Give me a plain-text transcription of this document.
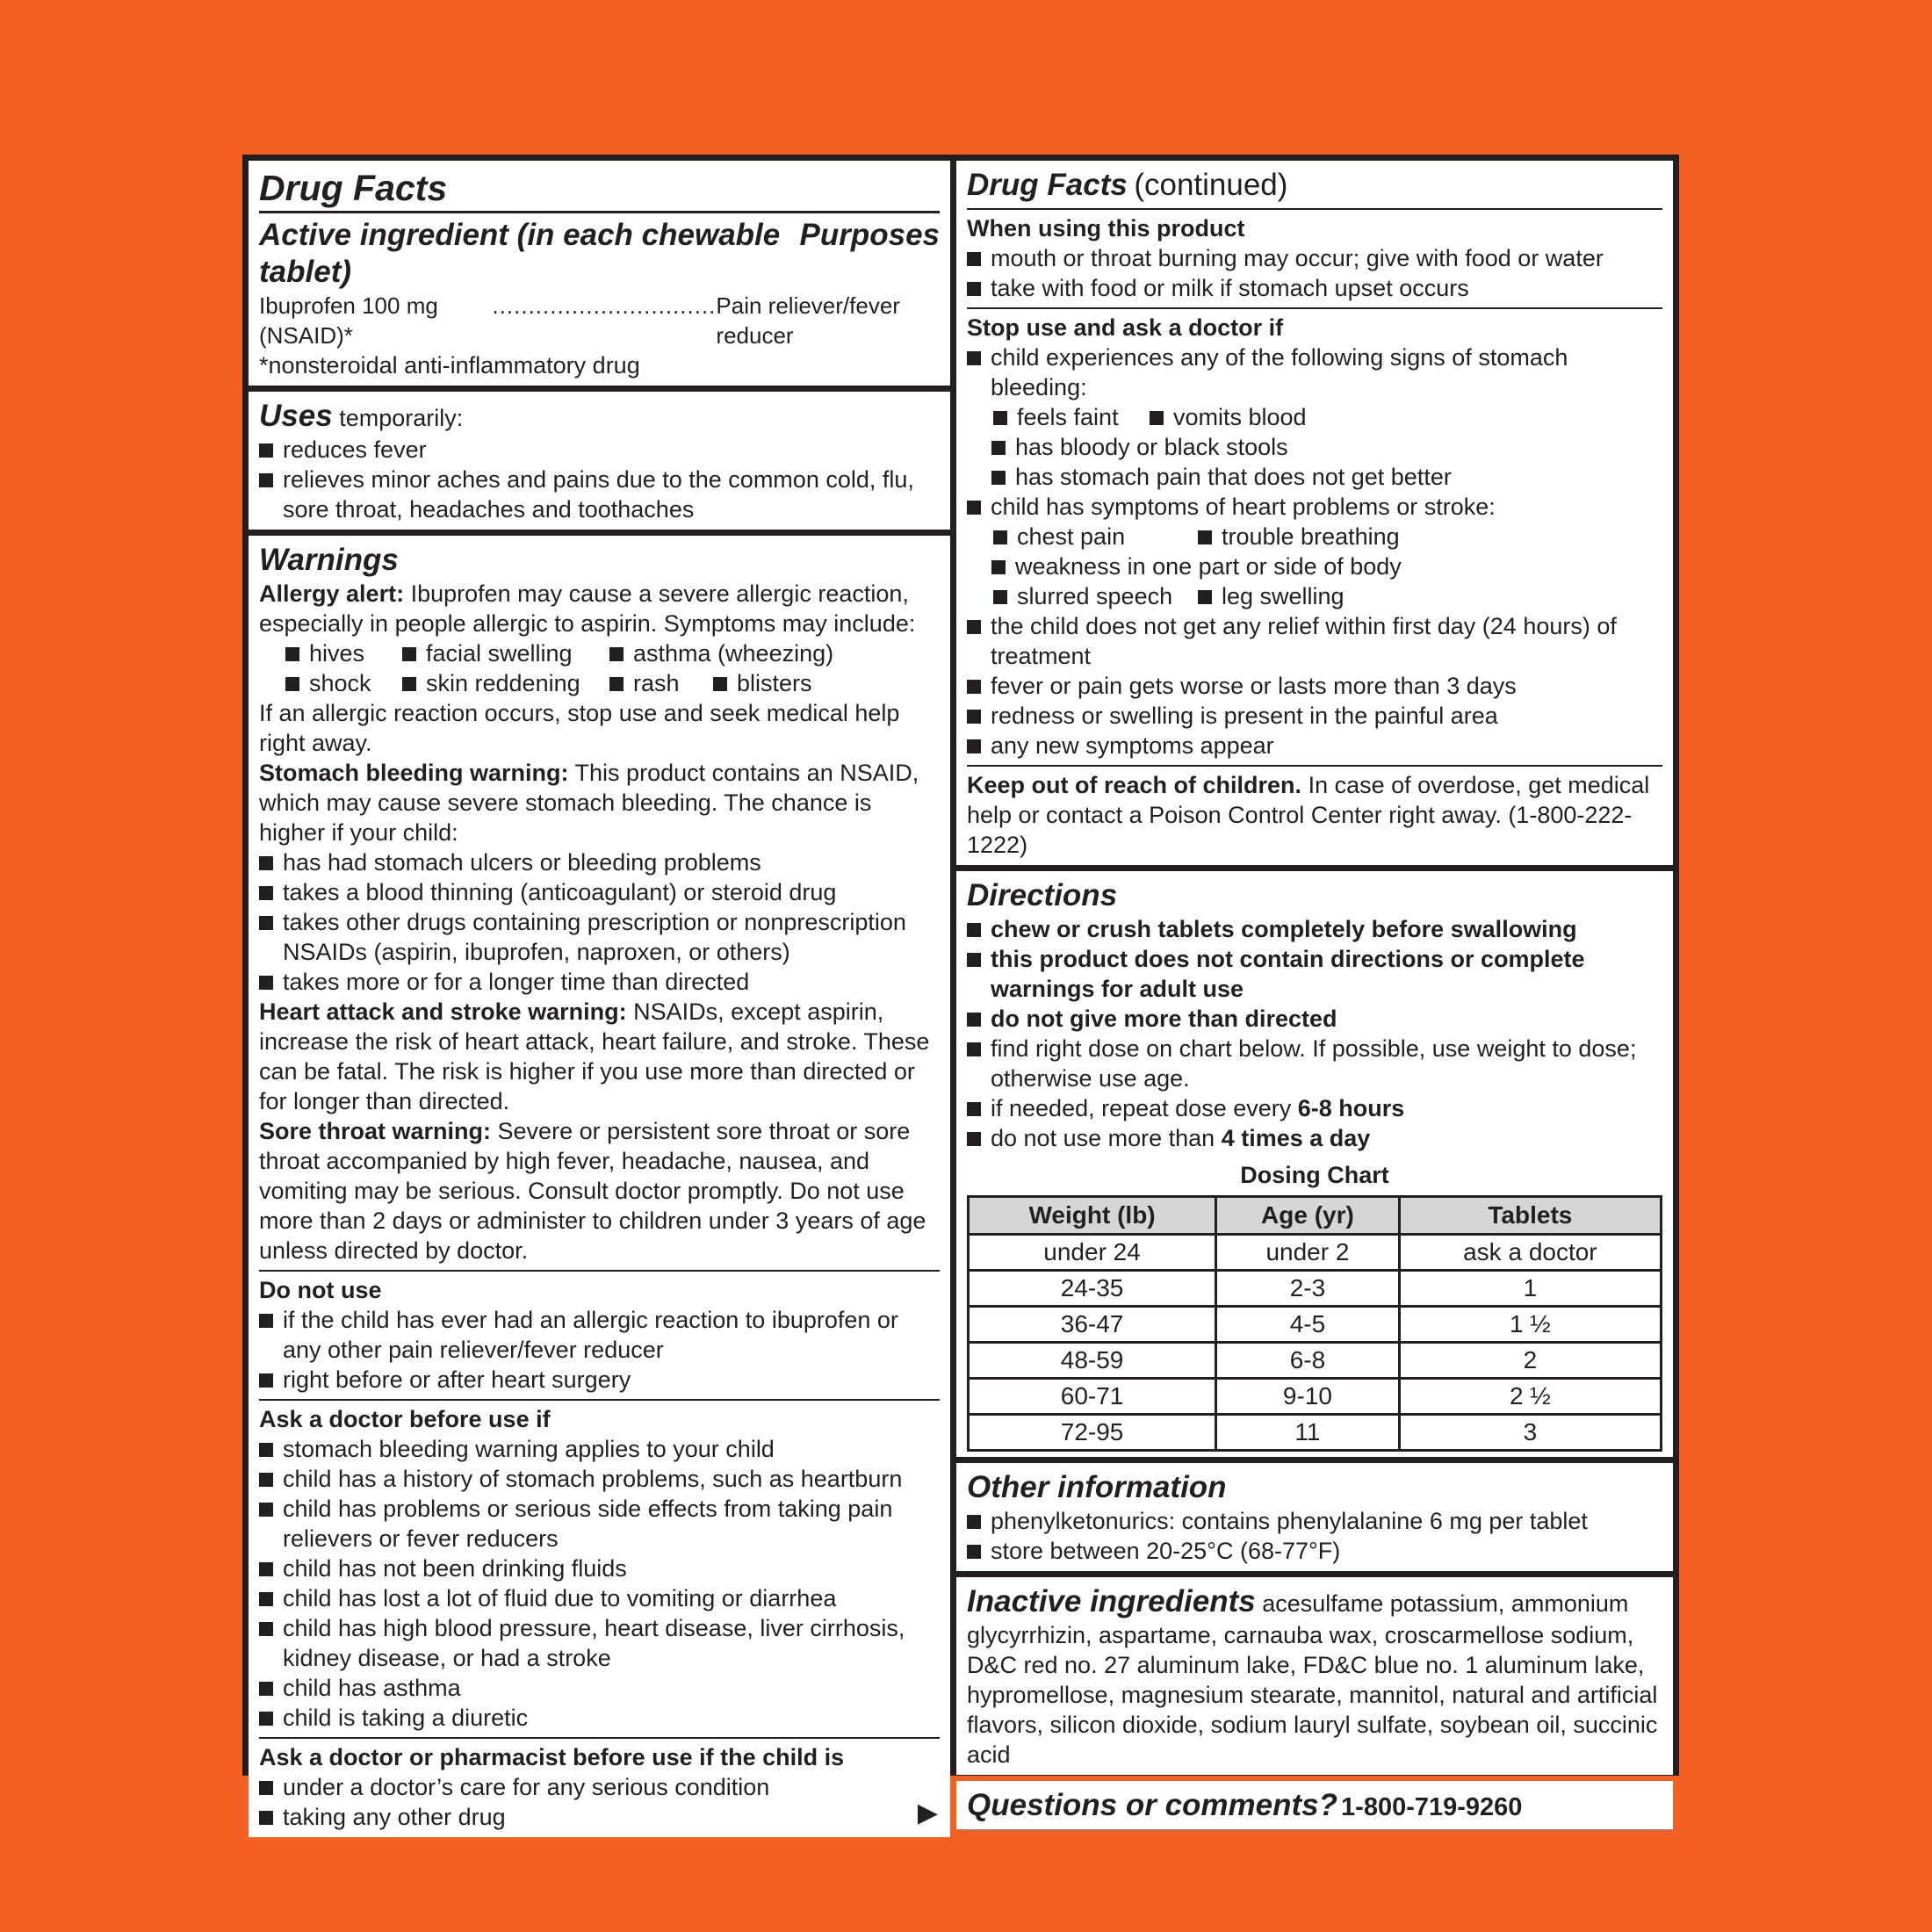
Drug Facts
Active ingredient (in each chewable tablet)
Purposes
Ibuprofen 100 mg (NSAID)*
............................... Pain reliever/fever reducer
*nonsteroidal anti-inflammatory drug
Uses temporarily:
reduces fever
relieves minor aches and pains due to the common cold, flu, sore throat, headaches and toothaches
Warnings
Allergy alert: Ibuprofen may cause a severe allergic reaction, especially in people allergic to aspirin. Symptoms may include:
hives	facial swelling	asthma (wheezing)
shock	skin reddening	rash	blisters
If an allergic reaction occurs, stop use and seek medical help right away.
Stomach bleeding warning: This product contains an NSAID, which may cause severe stomach bleeding. The chance is higher if your child:
has had stomach ulcers or bleeding problems
takes a blood thinning (anticoagulant) or steroid drug
takes other drugs containing prescription or nonprescription NSAIDs (aspirin, ibuprofen, naproxen, or others)
takes more or for a longer time than directed
Heart attack and stroke warning: NSAIDs, except aspirin, increase the risk of heart attack, heart failure, and stroke. These can be fatal. The risk is higher if you use more than directed or for longer than directed.
Sore throat warning: Severe or persistent sore throat or sore throat accompanied by high fever, headache, nausea, and vomiting may be serious. Consult doctor promptly. Do not use more than 2 days or administer to children under 3 years of age unless directed by doctor.
Do not use
if the child has ever had an allergic reaction to ibuprofen or any other pain reliever/fever reducer
right before or after heart surgery
Ask a doctor before use if
stomach bleeding warning applies to your child
child has a history of stomach problems, such as heartburn
child has problems or serious side effects from taking pain relievers or fever reducers
child has not been drinking fluids
child has lost a lot of fluid due to vomiting or diarrhea
child has high blood pressure, heart disease, liver cirrhosis, kidney disease, or had a stroke
child has asthma
child is taking a diuretic
Ask a doctor or pharmacist before use if the child is
under a doctor’s care for any serious condition
taking any other drug	▶
Drug Facts (continued)
When using this product
mouth or throat burning may occur; give with food or water
take with food or milk if stomach upset occurs
Stop use and ask a doctor if
child experiences any of the following signs of stomach bleeding:
feels faint	vomits blood
has bloody or black stools
has stomach pain that does not get better
child has symptoms of heart problems or stroke:
chest pain	trouble breathing
weakness in one part or side of body
slurred speech	leg swelling
the child does not get any relief within first day (24 hours) of treatment
fever or pain gets worse or lasts more than 3 days
redness or swelling is present in the painful area
any new symptoms appear
Keep out of reach of children. In case of overdose, get medical help or contact a Poison Control Center right away. (1-800-222-1222)
Directions
chew or crush tablets completely before swallowing
this product does not contain directions or complete warnings for adult use
do not give more than directed
find right dose on chart below. If possible, use weight to dose; otherwise use age.
if needed, repeat dose every 6-8 hours
do not use more than 4 times a day
Dosing Chart
Weight (lb)	Age (yr)	Tablets
under 24	under 2	ask a doctor
24-35	2-3	1
36-47	4-5	1 ½
48-59	6-8	2
60-71	9-10	2 ½
72-95	11	3
Other information
phenylketonurics: contains phenylalanine 6 mg per tablet
store between 20-25°C (68-77°F)
Inactive ingredients acesulfame potassium, ammonium glycyrrhizin, aspartame, carnauba wax, croscarmellose sodium, D&C red no. 27 aluminum lake, FD&C blue no. 1 aluminum lake, hypromellose, magnesium stearate, mannitol, natural and artificial flavors, silicon dioxide, sodium lauryl sulfate, soybean oil, succinic acid
Questions or comments? 1-800-719-9260
